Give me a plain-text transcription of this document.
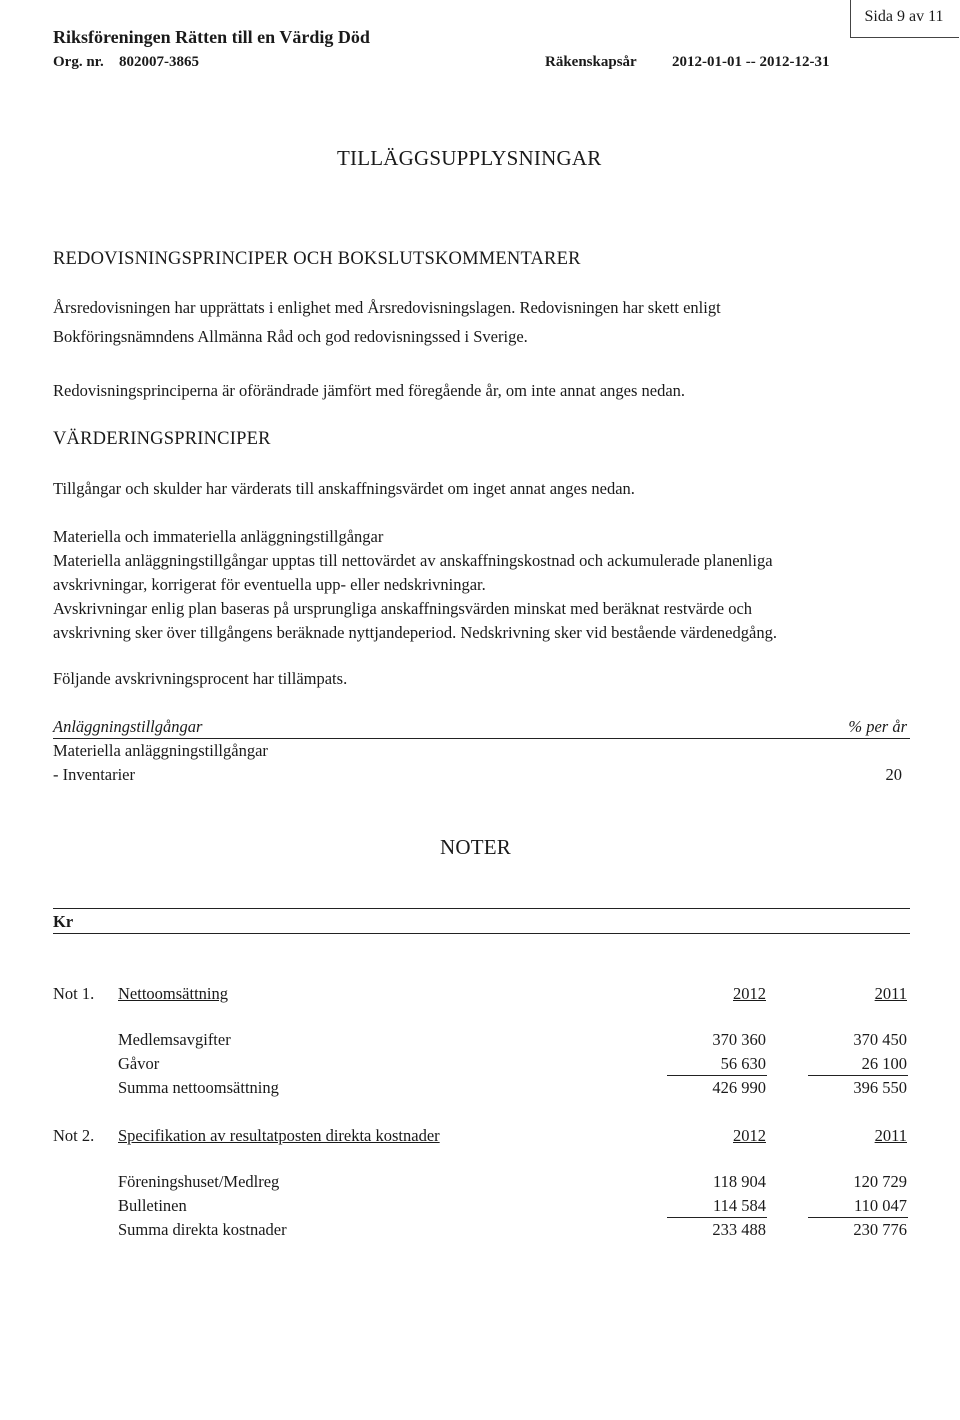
Sida 9 av 11
Riksföreningen Rätten till en Värdig Död
Org. nr. 802007-3865	Räkenskapsår 2012-01-01 -- 2012-12-31
TILLÄGGSUPPLYSNINGAR
REDOVISNINGSPRINCIPER OCH BOKSLUTSKOMMENTARER
Årsredovisningen har upprättats i enlighet med Årsredovisningslagen. Redovisningen har skett enligt
Bokföringsnämndens Allmänna Råd och god redovisningssed i Sverige.
Redovisningsprinciperna är oförändrade jämfört med föregående år, om inte annat anges nedan.
VÄRDERINGSPRINCIPER
Tillgångar och skulder har värderats till anskaffningsvärdet om inget annat anges nedan.
Materiella och immateriella anläggningstillgångar
Materiella anläggningstillgångar upptas till nettovärdet av anskaffningskostnad och ackumulerade planenliga
avskrivningar, korrigerat för eventuella upp- eller nedskrivningar.
Avskrivningar enlig plan baseras på ursprungliga anskaffningsvärden minskat med beräknat restvärde och
avskrivning sker över tillgångens beräknade nyttjandeperiod. Nedskrivning sker vid bestående värdenedgång.
Följande avskrivningsprocent har tillämpats.
Anläggningstillgångar	% per år
Materiella anläggningstillgångar
- Inventarier	20
NOTER
Kr
Not 1. Nettoomsättning	2012	2011
Medlemsavgifter	370 360	370 450
Gåvor	56 630	26 100
Summa nettoomsättning	426 990	396 550
Not 2. Specifikation av resultatposten direkta kostnader	2012	2011
Föreningshuset/Medlreg	118 904	120 729
Bulletinen	114 584	110 047
Summa direkta kostnader	233 488	230 776
